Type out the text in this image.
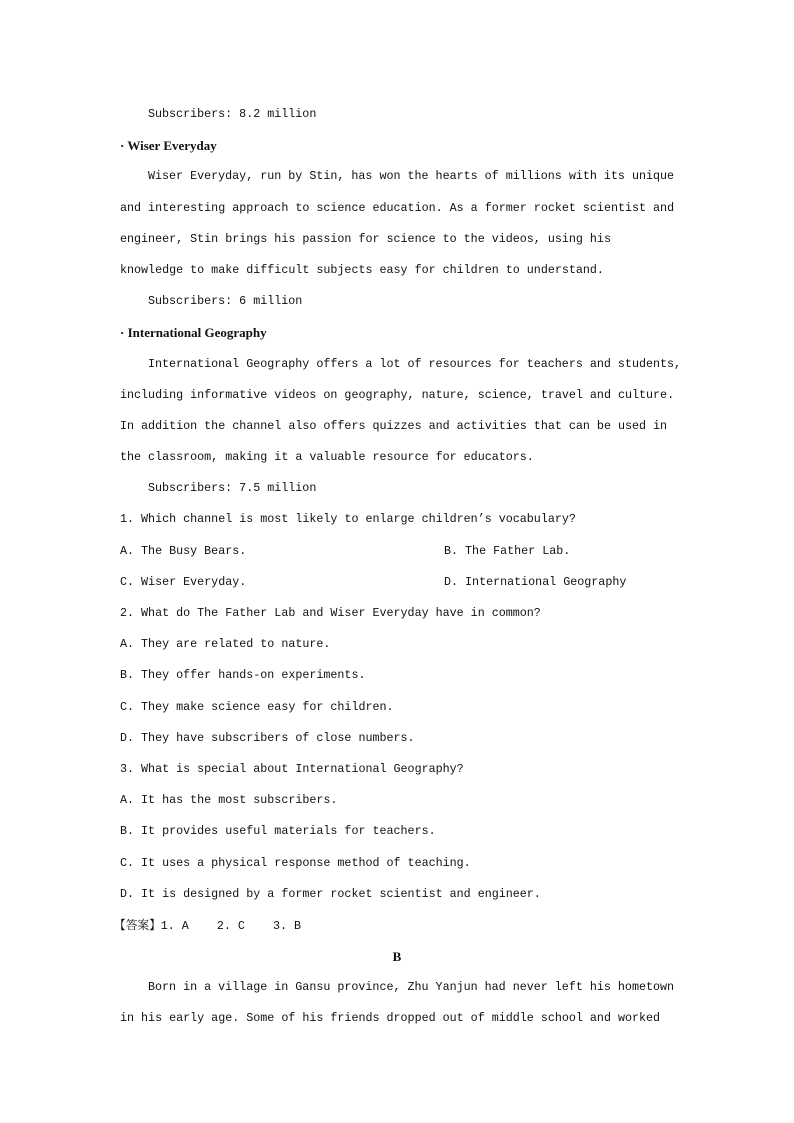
Subscribers: 8.2 million
· Wiser Everyday
Wiser Everyday, run by Stin, has won the hearts of millions with its unique
and interesting approach to science education. As a former rocket scientist and
engineer, Stin brings his passion for science to the videos, using his
knowledge to make difficult subjects easy for children to understand.
Subscribers: 6 million
· International Geography
International Geography offers a lot of resources for teachers and students,
including informative videos on geography, nature, science, travel and culture.
In addition the channel also offers quizzes and activities that can be used in
the classroom, making it a valuable resource for educators.
Subscribers: 7.5 million
1. Which channel is most likely to enlarge children’s vocabulary?
A. The Busy Bears.	B. The Father Lab.
C. Wiser Everyday.	D. International Geography
2. What do The Father Lab and Wiser Everyday have in common?
A. They are related to nature.
B. They offer hands-on experiments.
C. They make science easy for children.
D. They have subscribers of close numbers.
3. What is special about International Geography?
A. It has the most subscribers.
B. It provides useful materials for teachers.
C. It uses a physical response method of teaching.
D. It is designed by a former rocket scientist and engineer.
【答案】1. A    2. C    3. B
B
Born in a village in Gansu province, Zhu Yanjun had never left his hometown
in his early age. Some of his friends dropped out of middle school and worked
